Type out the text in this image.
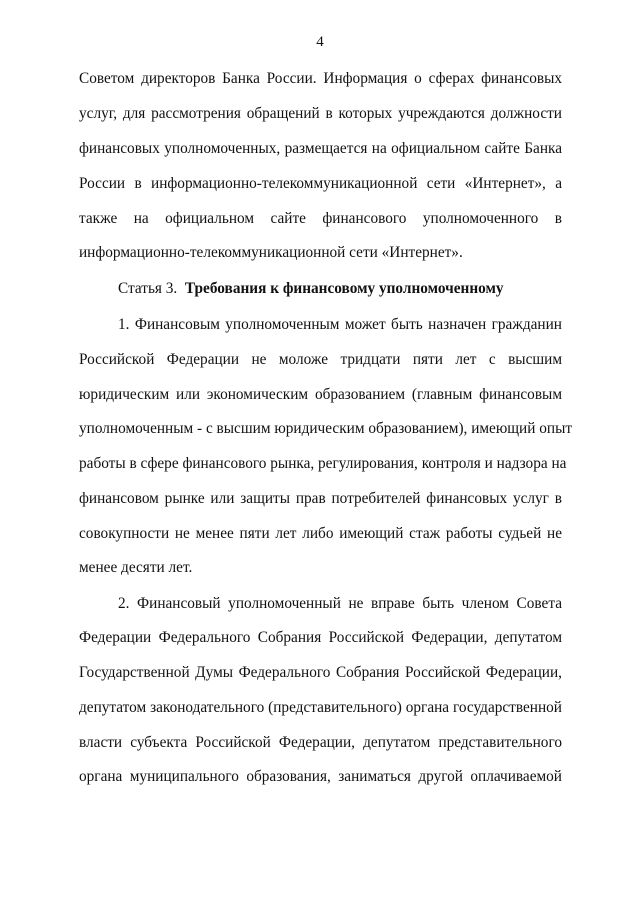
4
Советом директоров Банка России. Информация о сферах финансовых
услуг, для рассмотрения обращений в которых учреждаются должности
финансовых уполномоченных, размещается на официальном сайте Банка
России в информационно-телекоммуникационной сети «Интернет», а
также на официальном сайте финансового уполномоченного в
информационно-телекоммуникационной сети «Интернет».
Статья 3. Требования к финансовому уполномоченному
1. Финансовым уполномоченным может быть назначен гражданин
Российской Федерации не моложе тридцати пяти лет с высшим
юридическим или экономическим образованием (главным финансовым
уполномоченным - с высшим юридическим образованием), имеющий опыт
работы в сфере финансового рынка, регулирования, контроля и надзора на
финансовом рынке или защиты прав потребителей финансовых услуг в
совокупности не менее пяти лет либо имеющий стаж работы судьей не
менее десяти лет.
2. Финансовый уполномоченный не вправе быть членом Совета
Федерации Федерального Собрания Российской Федерации, депутатом
Государственной Думы Федерального Собрания Российской Федерации,
депутатом законодательного (представительного) органа государственной
власти субъекта Российской Федерации, депутатом представительного
органа муниципального образования, заниматься другой оплачиваемой
